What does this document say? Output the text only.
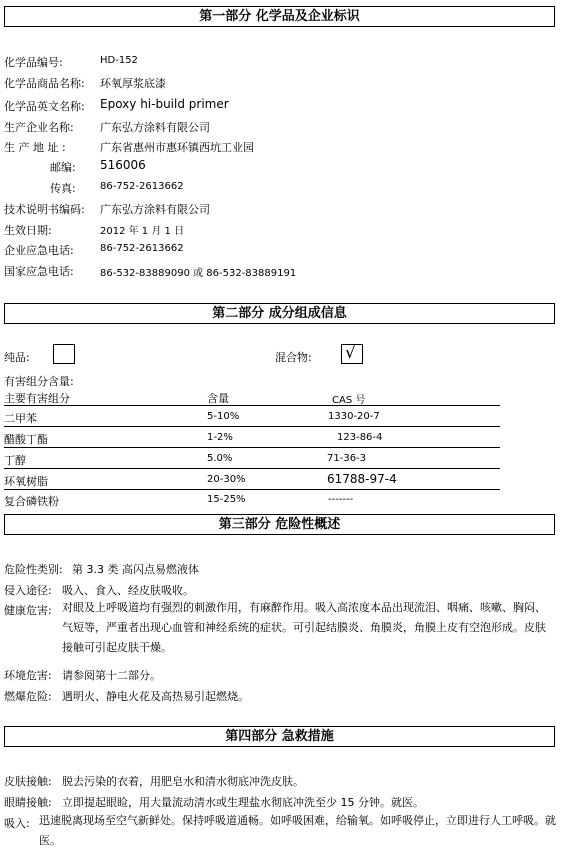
第一部分 化学品及企业标识
化学品编号:	HD-152
化学品商品名称: 环氧厚浆底漆
化学品英文名称: Epoxy hi-build primer
生产企业名称: 广东弘方涂料有限公司
生 产 地 址 :	广东省惠州市惠环镇西坑工业园
邮编: 516006
传真: 86-752-2613662
技术说明书编码: 广东弘方涂料有限公司
生效日期:	2012 年 1 月 1 日
企业应急电话:	86-752-2613662
国家应急电话:	86-532-83889090 或 86-532-83889191
第二部分 成分组成信息
纯品:	混合物: √
有害组分含量:
主要有害组分	含量	CAS 号
二甲苯	5-10%	1330-20-7
醋酸丁酯	1-2%	123-86-4
丁醇	5.0%	71-36-3
环氧树脂	20-30%	61788-97-4
复合磷铁粉	15-25%	-------
第三部分 危险性概述
危险性类别: 第 3.3 类 高闪点易燃液体
侵入途径: 吸入、食入、经皮肤吸收。
健康危害: 对眼及上呼吸道均有强烈的刺激作用，有麻醉作用。吸入高浓度本品出现流泪、咽痛、咳嗽、胸闷、气短等，严重者出现心血管和神经系统的症状。可引起结膜炎、角膜炎，角膜上皮有空泡形成。皮肤接触可引起皮肤干燥。
环境危害: 请参阅第十二部分。
燃爆危险: 遇明火、静电火花及高热易引起燃烧。
第四部分 急救措施
皮肤接触: 脱去污染的衣着，用肥皂水和清水彻底冲洗皮肤。
眼睛接触: 立即提起眼睑，用大量流动清水或生理盐水彻底冲洗至少 15 分钟。就医。
吸入: 迅速脱离现场至空气新鲜处。保持呼吸道通畅。如呼吸困难，给输氧。如呼吸停止，立即进行人工呼吸。就医。
